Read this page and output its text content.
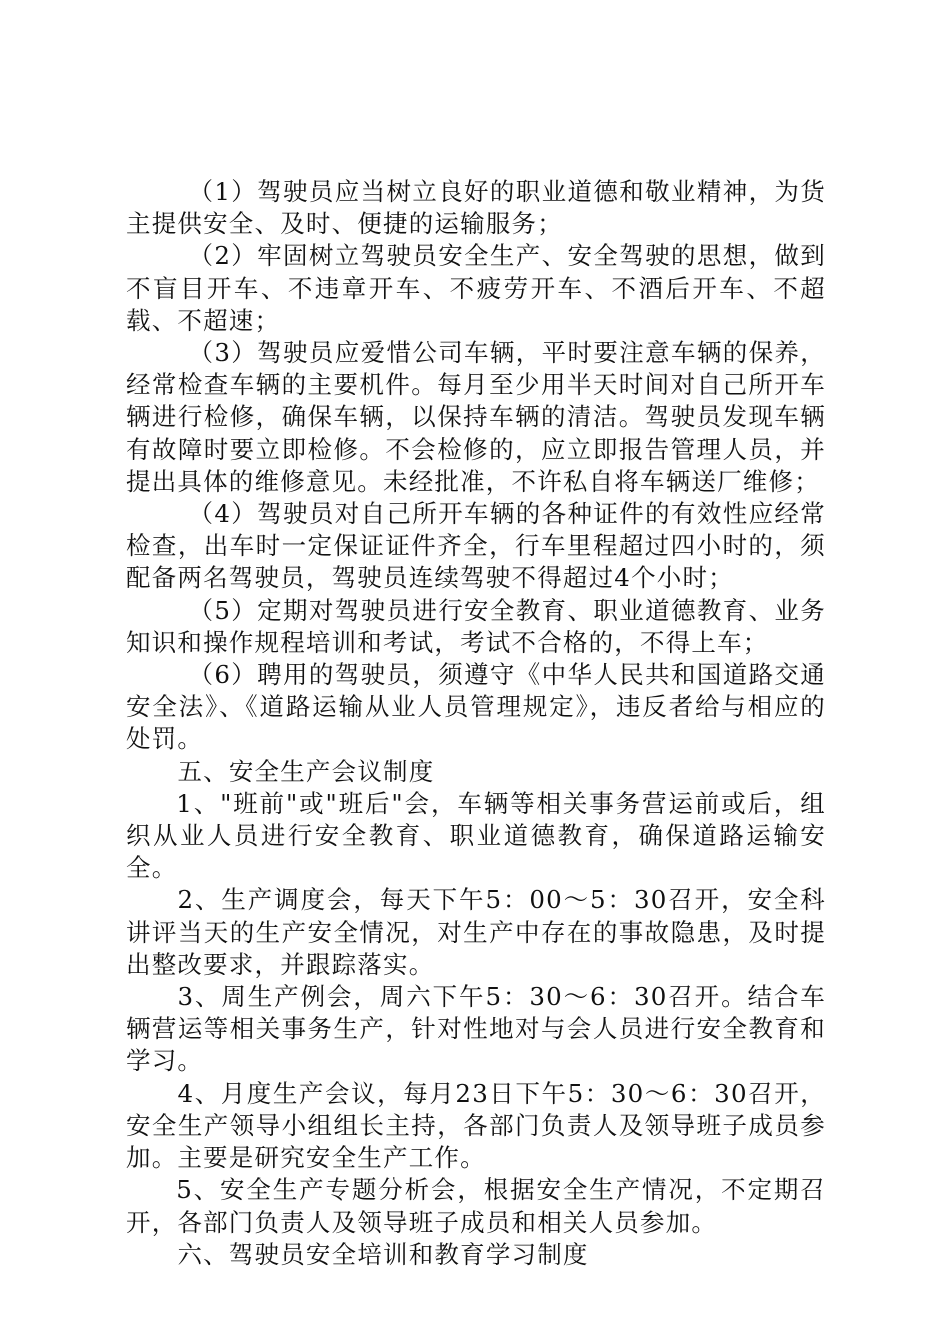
（1）驾驶员应当树立良好的职业道德和敬业精神，为货主提供安全、及时、便捷的运输服务；

（2）牢固树立驾驶员安全生产、安全驾驶的思想，做到不盲目开车、不违章开车、不疲劳开车、不酒后开车、不超载、不超速；

（3）驾驶员应爱惜公司车辆，平时要注意车辆的保养，经常检查车辆的主要机件。每月至少用半天时间对自己所开车辆进行检修，确保车辆，以保持车辆的清洁。驾驶员发现车辆有故障时要立即检修。不会检修的，应立即报告管理人员，并提出具体的维修意见。未经批准，不许私自将车辆送厂维修；

（4）驾驶员对自己所开车辆的各种证件的有效性应经常检查，出车时一定保证证件齐全，行车里程超过四小时的，须配备两名驾驶员，驾驶员连续驾驶不得超过4个小时；

（5）定期对驾驶员进行安全教育、职业道德教育、业务知识和操作规程培训和考试，考试不合格的，不得上车；

（6）聘用的驾驶员，须遵守《中华人民共和国道路交通安全法》、《道路运输从业人员管理规定》，违反者给与相应的处罚。

五、安全生产会议制度

1、"班前"或"班后"会，车辆等相关事务营运前或后，组织从业人员进行安全教育、职业道德教育，确保道路运输安全。

2、生产调度会，每天下午5：00～5：30召开，安全科讲评当天的生产安全情况，对生产中存在的事故隐患，及时提出整改要求，并跟踪落实。

3、周生产例会，周六下午5：30～6：30召开。结合车辆营运等相关事务生产，针对性地对与会人员进行安全教育和学习。

4、月度生产会议，每月23日下午5：30～6：30召开，安全生产领导小组组长主持，各部门负责人及领导班子成员参加。主要是研究安全生产工作。

5、安全生产专题分析会，根据安全生产情况，不定期召开，各部门负责人及领导班子成员和相关人员参加。

六、驾驶员安全培训和教育学习制度
